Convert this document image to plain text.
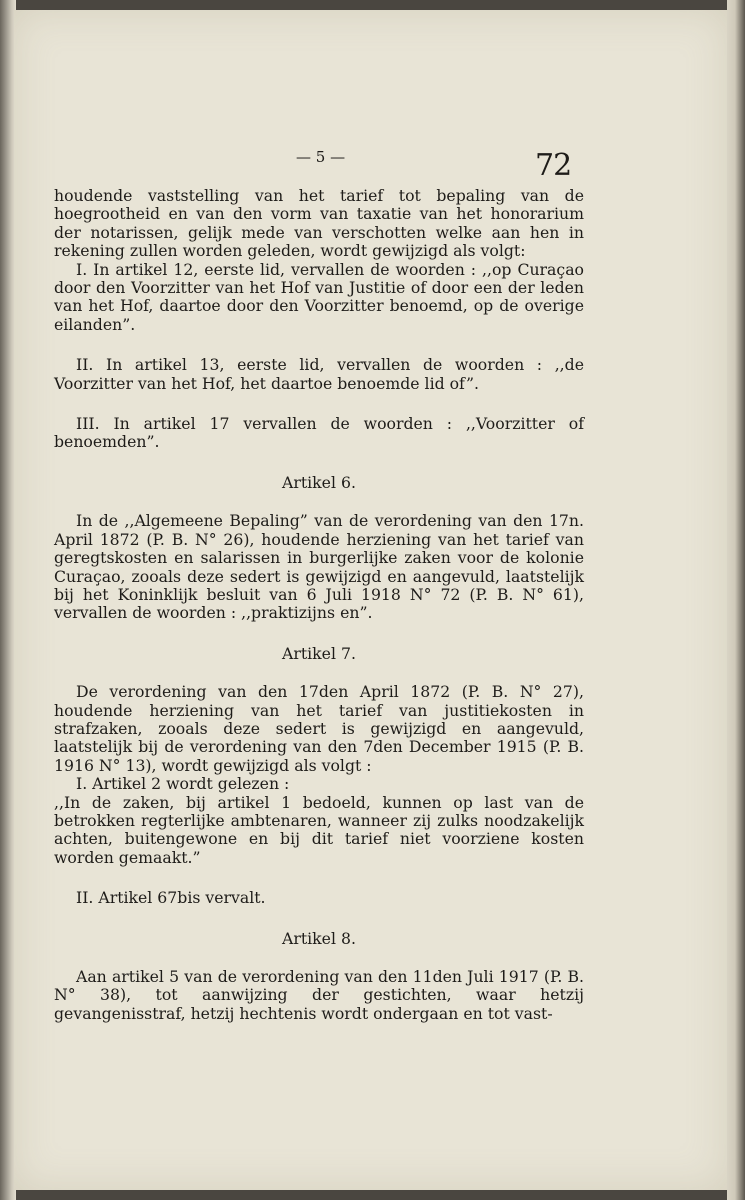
— 5 —	72

houdende vaststelling van het tarief tot bepaling van de hoegrootheid en van den vorm van taxatie van het honorarium der notarissen, gelijk mede van verschotten welke aan hen in rekening zullen worden geleden, wordt gewijzigd als volgt:

I. In artikel 12, eerste lid, vervallen de woorden : ,,op Curaçao door den Voorzitter van het Hof van Justitie of door een der leden van het Hof, daartoe door den Voorzitter benoemd, op de overige eilanden”.

II. In artikel 13, eerste lid, vervallen de woorden : ,,de Voorzitter van het Hof, het daartoe benoemde lid of”.

III. In artikel 17 vervallen de woorden : ,,Voorzitter of benoemden”.

Artikel 6.

In de ,,Algemeene Bepaling” van de verordening van den 17n. April 1872 (P. B. N° 26), houdende herziening van het tarief van geregtskosten en salarissen in burgerlijke zaken voor de kolonie Curaçao, zooals deze sedert is gewijzigd en aangevuld, laatstelijk bij het Koninklijk besluit van 6 Juli 1918 N° 72 (P. B. N° 61), vervallen de woorden : ,,praktizijns en”.

Artikel 7.

De verordening van den 17den April 1872 (P. B. N° 27), houdende herziening van het tarief van justitiekosten in strafzaken, zooals deze sedert is gewijzigd en aangevuld, laatstelijk bij de verordening van den 7den December 1915 (P. B. 1916 N° 13), wordt gewijzigd als volgt :

I. Artikel 2 wordt gelezen :

,,In de zaken, bij artikel 1 bedoeld, kunnen op last van de betrokken regterlijke ambtenaren, wanneer zij zulks noodzakelijk achten, buitengewone en bij dit tarief niet voorziene kosten worden gemaakt.”

II. Artikel 67bis vervalt.

Artikel 8.

Aan artikel 5 van de verordening van den 11den Juli 1917 (P. B. N° 38), tot aanwijzing der gestichten, waar hetzij gevangenisstraf, hetzij hechtenis wordt ondergaan en tot vast-
